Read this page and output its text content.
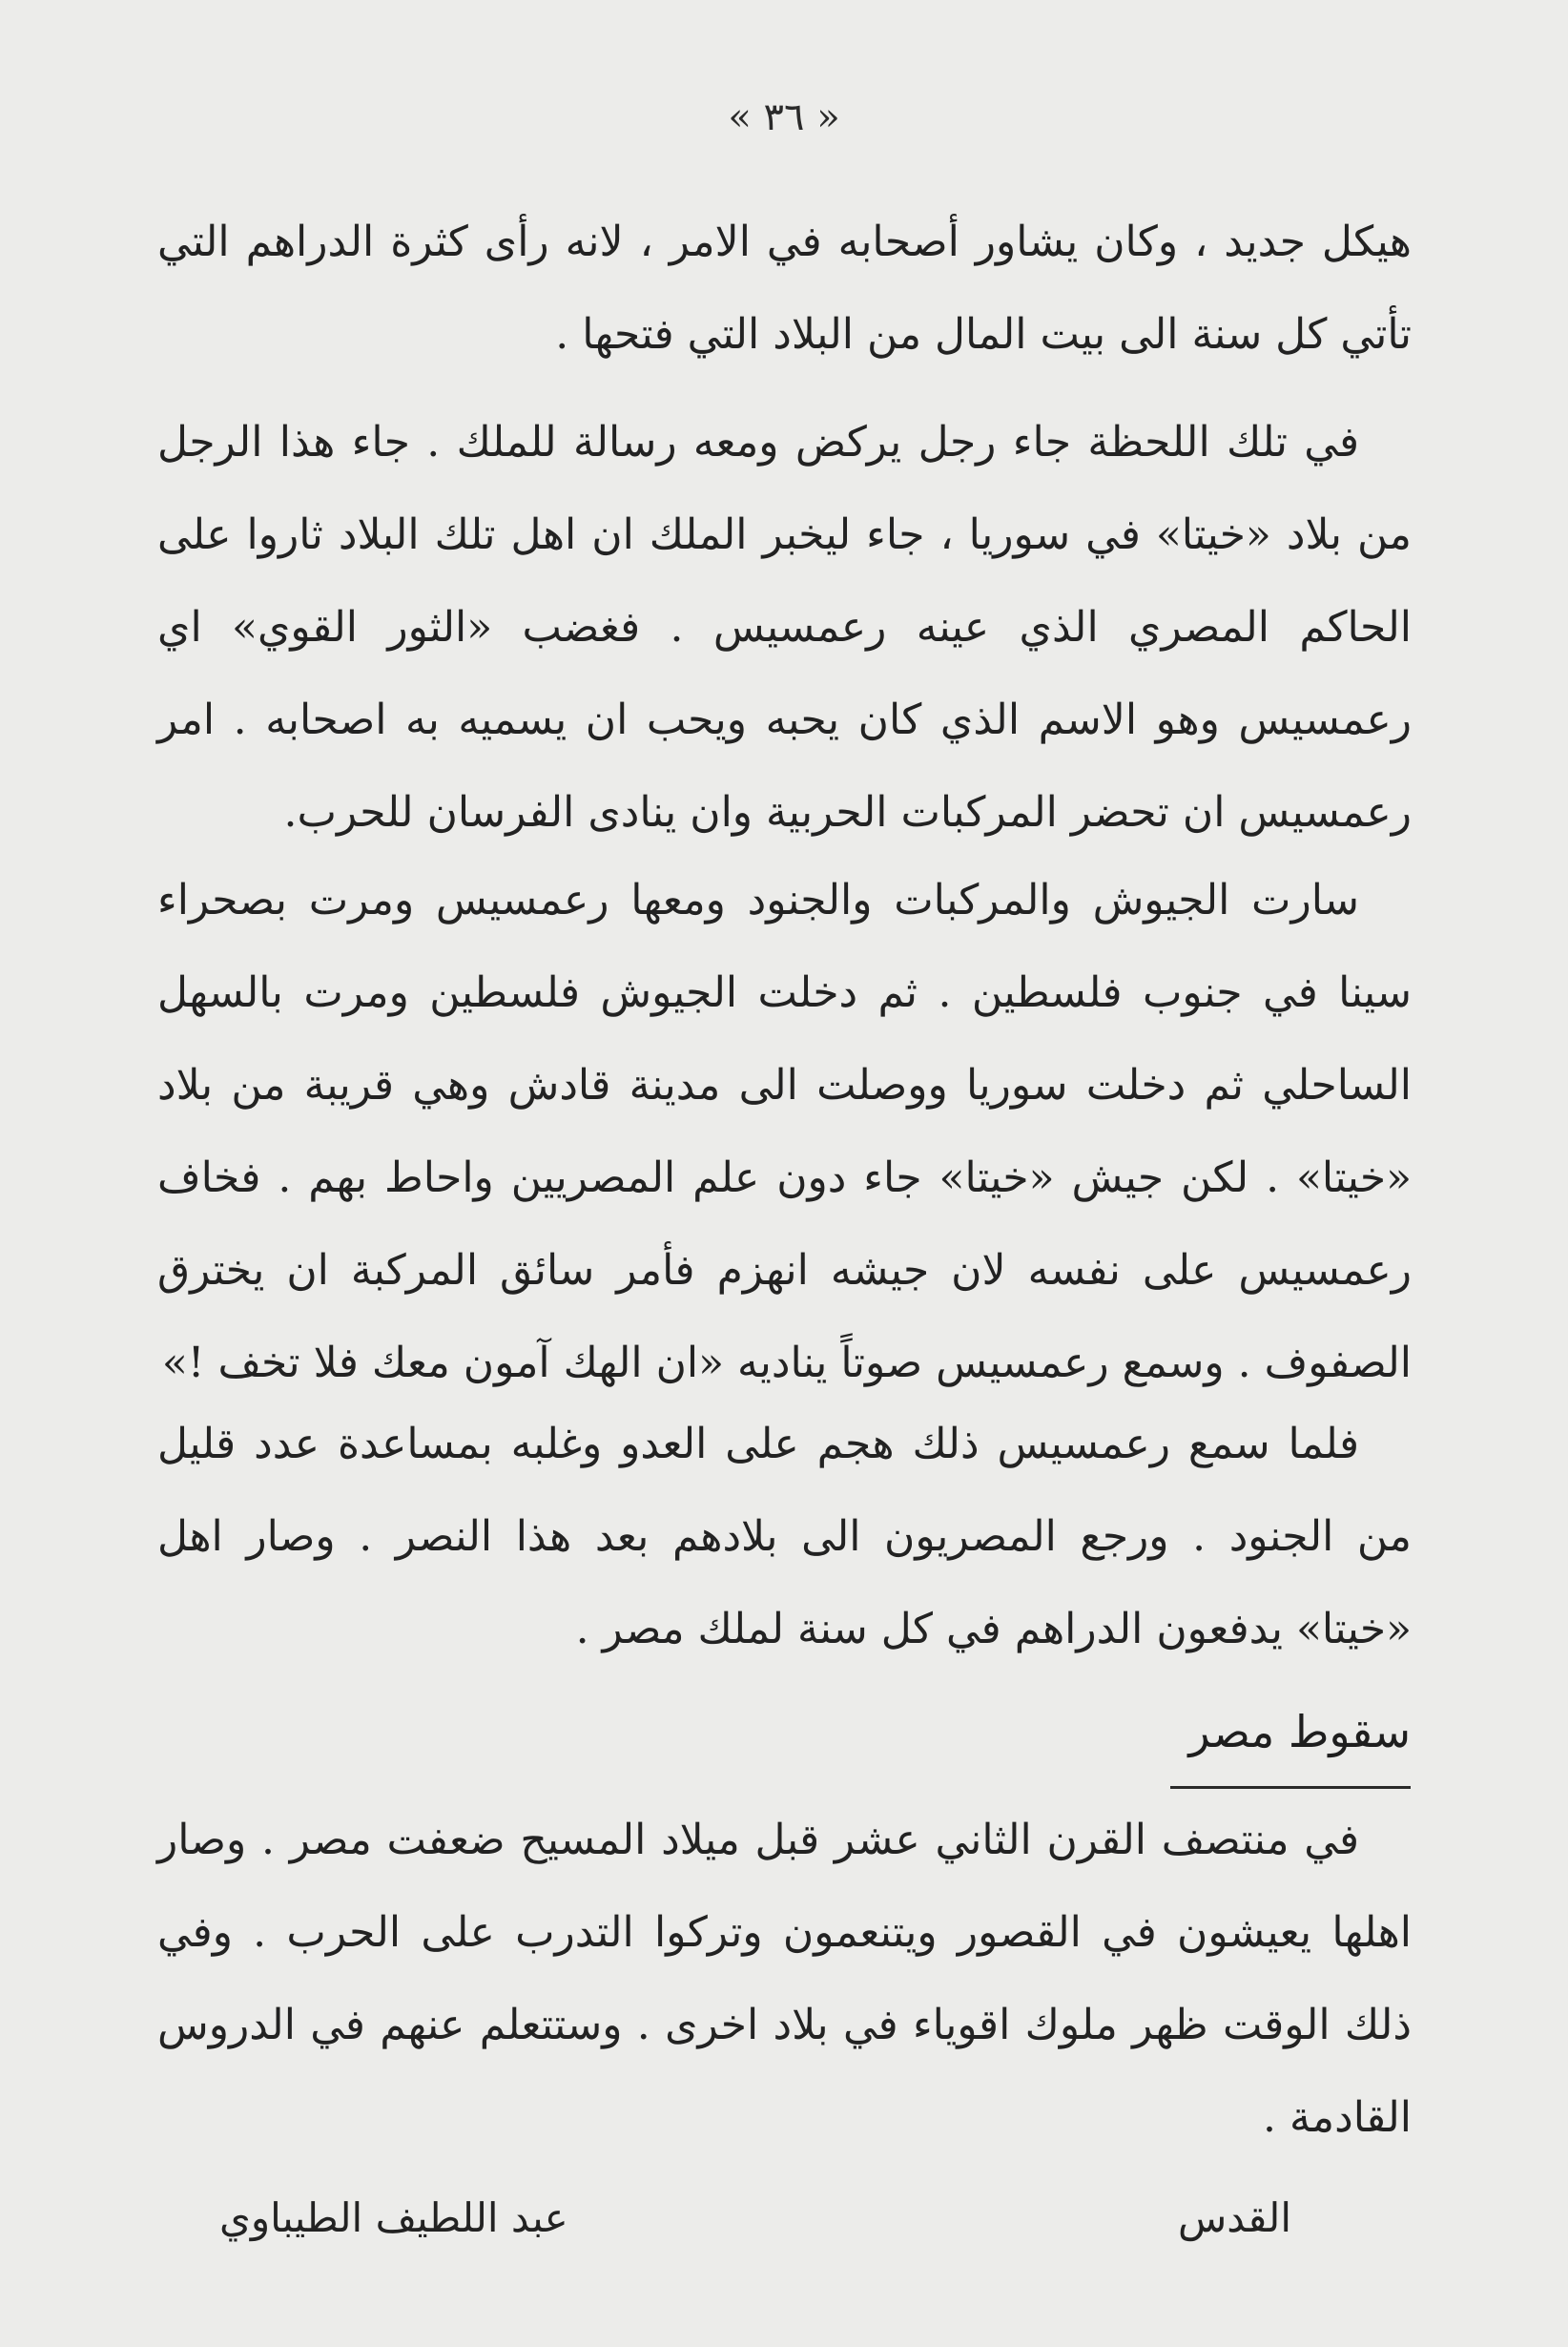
« ٣٦ »

هيكل جديد ، وكان يشاور أصحابه في الامر ، لانه رأى كثرة الدراهم التي تأتي كل سنة الى بيت المال من البلاد التي فتحها .

في تلك اللحظة جاء رجل يركض ومعه رسالة للملك . جاء هذا الرجل من بلاد «خيتا» في سوريا ، جاء ليخبر الملك ان اهل تلك البلاد ثاروا على الحاكم المصري الذي عينه رعمسيس . فغضب «الثور القوي» اي رعمسيس وهو الاسم الذي كان يحبه ويحب ان يسميه به اصحابه . امر رعمسيس ان تحضر المركبات الحربية وان ينادى الفرسان للحرب.

سارت الجيوش والمركبات والجنود ومعها رعمسيس ومرت بصحراء سينا في جنوب فلسطين . ثم دخلت الجيوش فلسطين ومرت بالسهل الساحلي ثم دخلت سوريا ووصلت الى مدينة قادش وهي قريبة من بلاد «خيتا» . لكن جيش «خيتا» جاء دون علم المصريين واحاط بهم . فخاف رعمسيس على نفسه لان جيشه انهزم فأمر سائق المركبة ان يخترق الصفوف . وسمع رعمسيس صوتاً يناديه «ان الهك آمون معك فلا تخف !»

فلما سمع رعمسيس ذلك هجم على العدو وغلبه بمساعدة عدد قليل من الجنود . ورجع المصريون الى بلادهم بعد هذا النصر . وصار اهل «خيتا» يدفعون الدراهم في كل سنة لملك مصر .

سقوط مصر

في منتصف القرن الثاني عشر قبل ميلاد المسيح ضعفت مصر . وصار اهلها يعيشون في القصور ويتنعمون وتركوا التدرب على الحرب . وفي ذلك الوقت ظهر ملوك اقوياء في بلاد اخرى . وستتعلم عنهم في الدروس القادمة .

القدس
عبد اللطيف الطيباوي
